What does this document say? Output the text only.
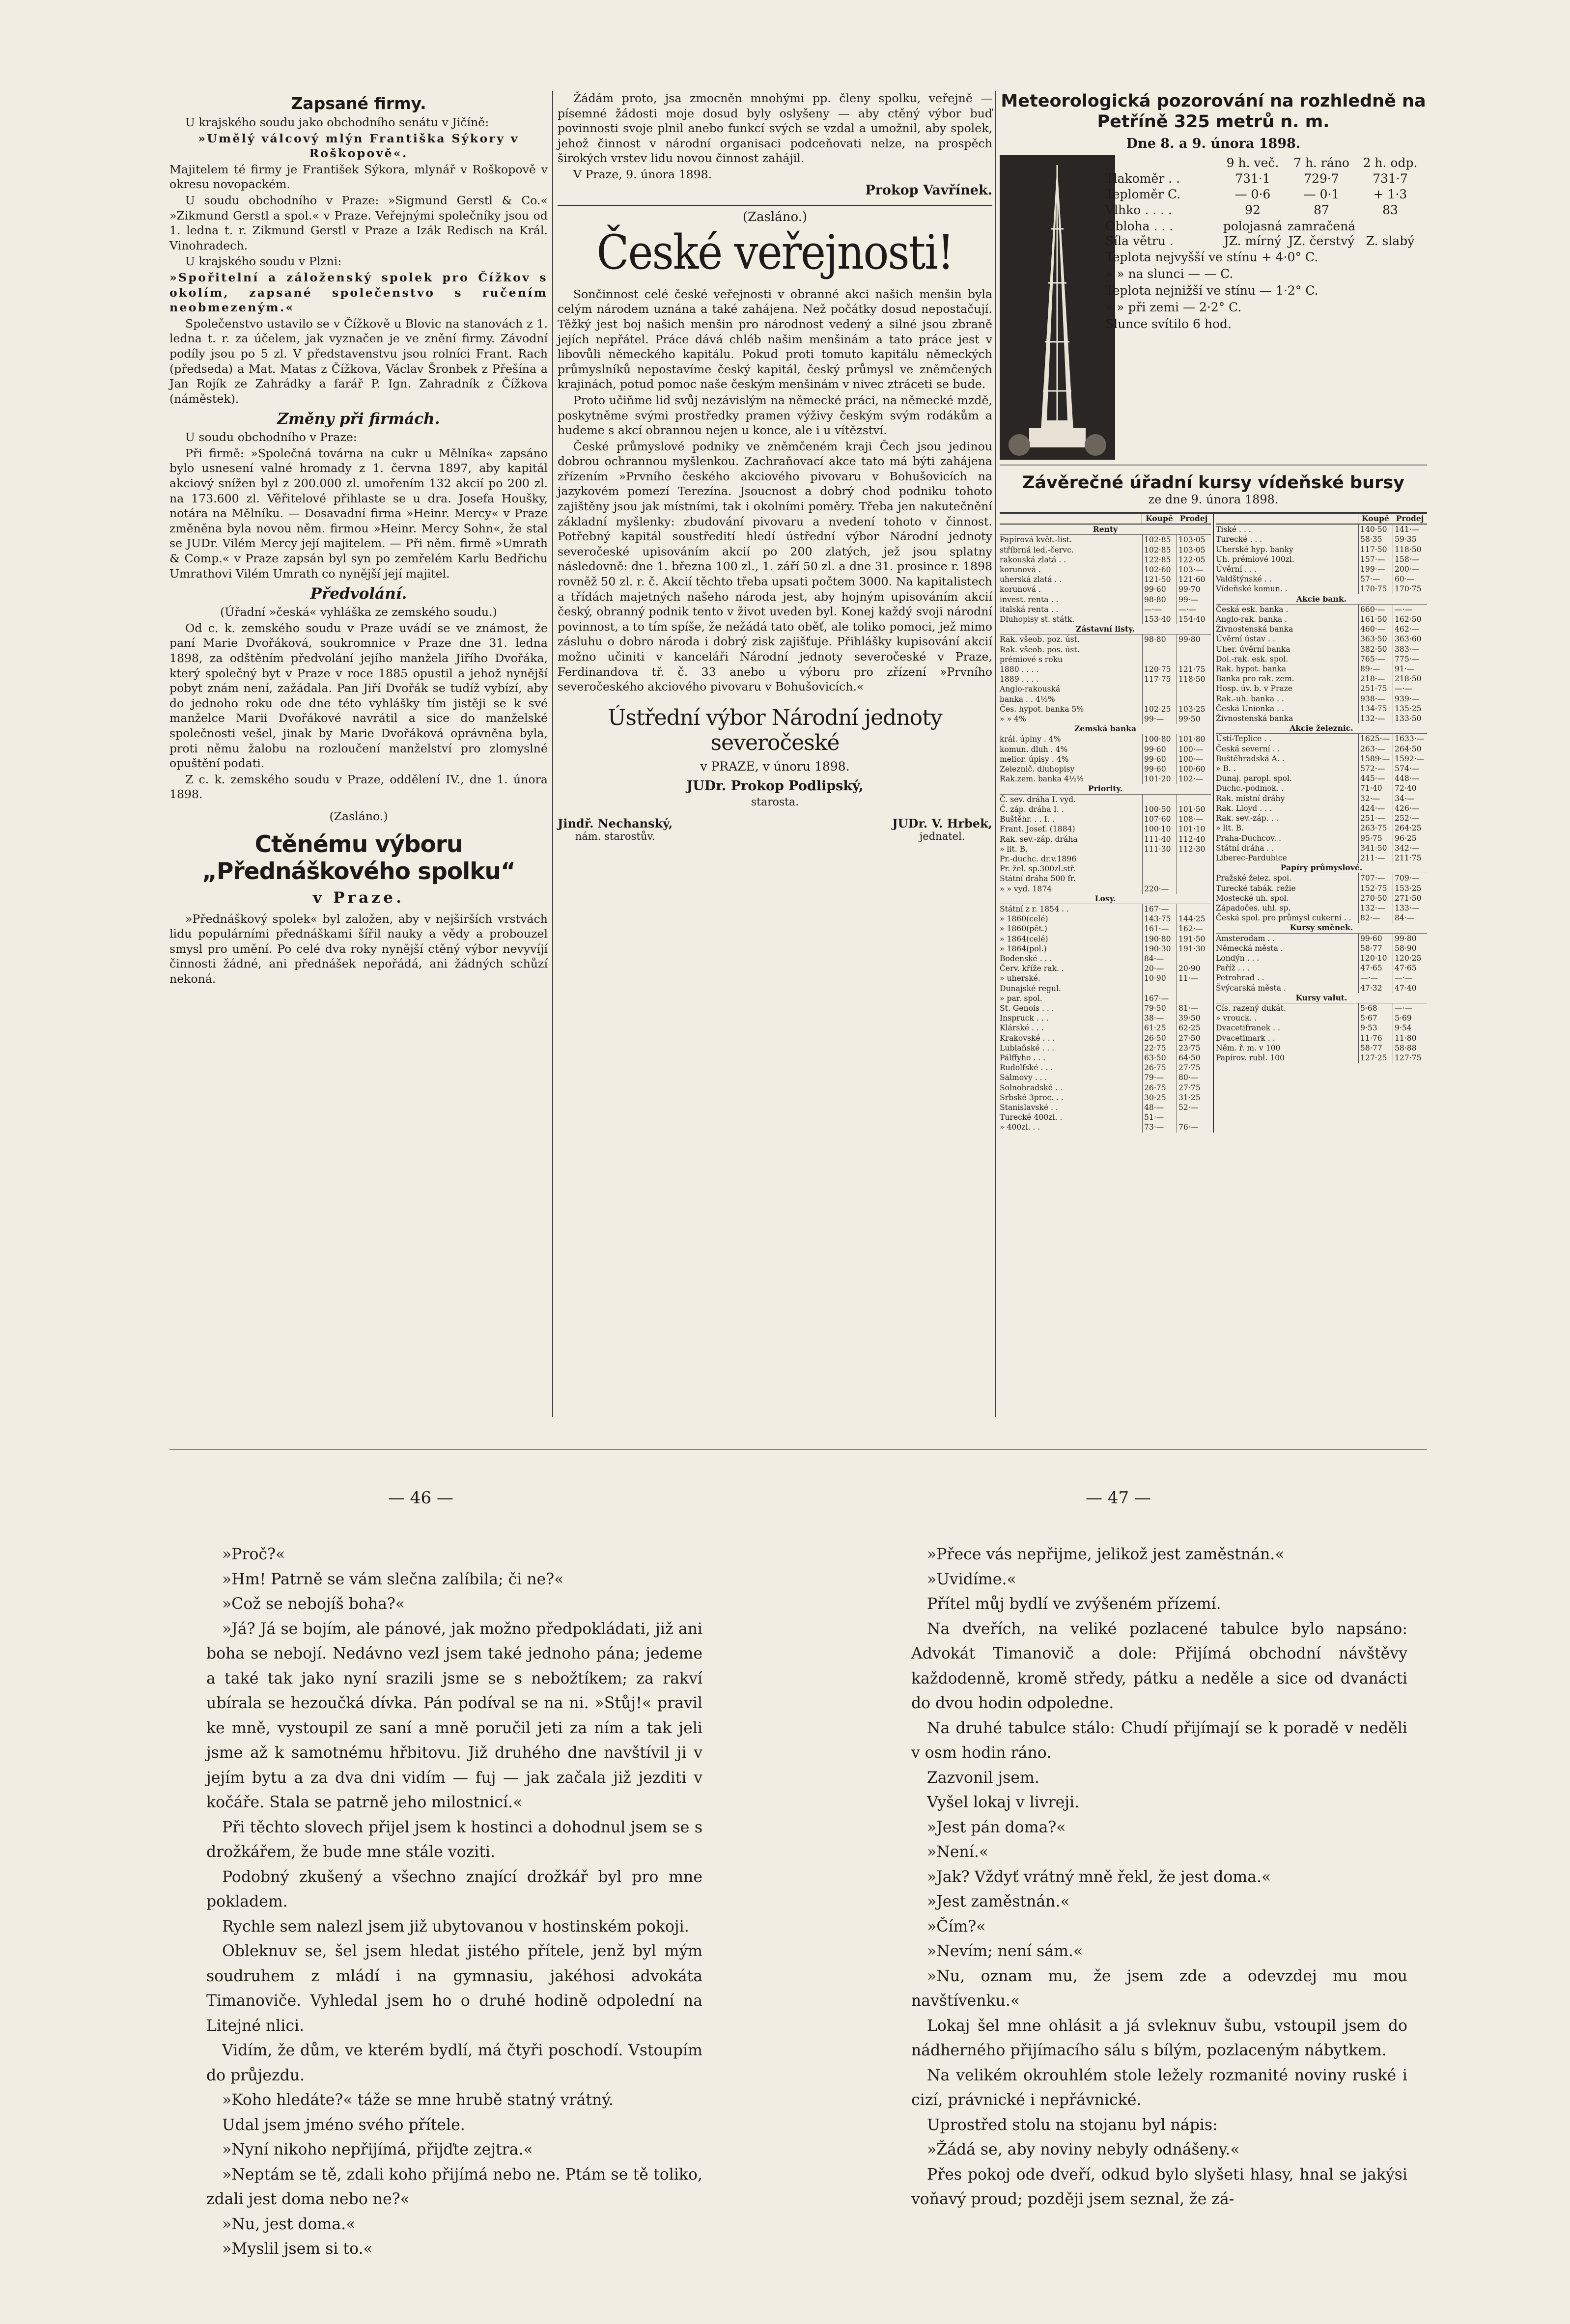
Zapsané firmy.

U krajského soudu jako obchodního senátu v Jičíně:

»Umělý válcový mlýn Františka Sýkory v Roškopově«.

Majitelem té firmy je František Sýkora, mlynář v Roškopově v okresu novopackém.

U soudu obchodního v Praze: »Sigmund Gerstl & Co.« »Zikmund Gerstl a spol.« v Praze. Veřejnými společníky jsou od 1. ledna t. r. Zikmund Gerstl v Praze a Izák Redisch na Král. Vinohradech.

U krajského soudu v Plzni:

»Spořitelní a záloženský spolek pro Čížkov s okolím, zapsané společenstvo s ručením neobmezeným.«

Společenstvo ustavilo se v Čížkově u Blovic na stanovách z 1. ledna t. r. za účelem, jak vyznačen je ve znění firmy. Závodní podíly jsou po 5 zl. V představenstvu jsou rolníci Frant. Rach (předseda) a Mat. Matas z Čížkova, Václav Šronbek z Přešína a Jan Rojík ze Zahrádky a farář P. Ign. Zahradník z Čížkova (náměstek).

Změny při firmách.

U soudu obchodního v Praze:

Při firmě: »Společná továrna na cukr u Mělníka« zapsáno bylo usnesení valné hromady z 1. června 1897, aby kapitál akciový snížen byl z 200.000 zl. umořením 132 akcií po 200 zl. na 173.600 zl. Věřitelové přihlaste se u dra. Josefa Houšky, notára na Mělníku. — Dosavadní firma »Heinr. Mercy« v Praze změněna byla novou něm. firmou »Heinr. Mercy Sohn«, že stal se JUDr. Vilém Mercy její majitelem. — Při něm. firmě »Umrath & Comp.« v Praze zapsán byl syn po zemřelém Karlu Bedřichu Umrathovi Vilém Umrath co nynější její majitel.

Předvolání.

(Úřadní »česká« vyhláška ze zemského soudu.)

Od c. k. zemského soudu v Praze uvádí se ve známost, že paní Marie Dvořáková, soukromnice v Praze dne 31. ledna 1898, za odštěním předvolání jejího manžela Jiřího Dvořáka, který společný byt v Praze v roce 1885 opustil a jehož nynější pobyt znám není, zažádala. Pan Jiří Dvořák se tudíž vybízí, aby do jednoho roku ode dne této vyhlášky tím jistěji se k své manželce Marii Dvořákové navrátil a sice do manželské společnosti vešel, jinak by Marie Dvořáková oprávněna byla, proti němu žalobu na rozloučení manželství pro zlomyslné opuštění podati.

Z c. k. zemského soudu v Praze, oddělení IV., dne 1. února 1898.

(Zasláno.)

Ctěnému výboru „Přednáškového spolku“
v Praze.

»Přednáškový spolek« byl založen, aby v nejširších vrstvách lidu populárními přednáškami šířil nauky a vědy a probouzel smysl pro umění. Po celé dva roky nynější ctěný výbor nevyvíjí činnosti žádné, ani přednášek nepořádá, ani žádných schůzí nekoná.

Žádám proto, jsa zmocněn mnohými pp. členy spolku, veřejně — písemné žádosti moje dosud byly oslyšeny — aby ctěný výbor buď povinnosti svoje plnil anebo funkcí svých se vzdal a umožnil, aby spolek, jehož činnost v národní organisaci podceňovati nelze, na prospěch širokých vrstev lidu novou činnost zahájil.

V Praze, 9. února 1898.

Prokop Vavřínek.

(Zasláno.)

České veřejnosti!

Sončinnost celé české veřejnosti v obranné akci našich menšin byla celým národem uznána a také zahájena. Než počátky dosud nepostačují. Těžký jest boj našich menšin pro národnost vedený a silné jsou zbraně jejích nepřátel. Práce dává chléb našim menšinám a tato práce jest v libovůli německého kapitálu. Pokud proti tomuto kapitálu německých průmyslníků nepostavíme český kapitál, český průmysl ve zněmčených krajinách, potud pomoc naše českým menšinám v nivec ztráceti se bude.

Proto učiňme lid svůj nezávislým na německé práci, na německé mzdě, poskytněme svými prostředky pramen výživy českým svým rodákům a hudeme s akcí obrannou nejen u konce, ale i u vítězství.

České průmyslové podniky ve zněmčeném kraji Čech jsou jedinou dobrou ochrannou myšlenkou. Zachraňovací akce tato má býti zahájena zřízením »Prvního českého akciového pivovaru v Bohušovicích na jazykovém pomezí Terezína. Jsoucnost a dobrý chod podniku tohoto zajištěny jsou jak místními, tak i okolními poměry. Třeba jen nakutečnění základní myšlenky: zbudování pivovaru a nvedení tohoto v činnost. Potřebný kapitál soustředití hledí ústřední výbor Národní jednoty severočeské upisováním akcií po 200 zlatých, jež jsou splatny následovně: dne 1. března 100 zl., 1. září 50 zl. a dne 31. prosince r. 1898 rovněž 50 zl. r. č. Akcií těchto třeba upsati počtem 3000. Na kapitalistech a třídách majetných našeho národa jest, aby hojným upisováním akcií český, obranný podnik tento v život uveden byl. Konej každý svoji národní povinnost, a to tím spíše, že nežádá tato oběť, ale toliko pomoci, jež mimo zásluhu o dobro národa i dobrý zisk zajišťuje. Přihlášky kupisování akcií možno učiniti v kanceláři Národní jednoty severočeské v Praze, Ferdinandova tř. č. 33 anebo u výboru pro zřízení »Prvního severočeského akciového pivovaru v Bohušovicích.«

Ústřední výbor Národní jednoty severočeské

v PRAZE, v únoru 1898.

JUDr. Prokop Podlipský,

starosta.

Jindř. Nechanský,
nám. starostův.
JUDr. V. Hrbek,
jednatel.
Meteorologická pozorování na rozhledně na Petříně 325 metrů n. m.
Dne 8. a 9. února 1898.
9 h. več.	7 h. ráno	2 h. odp.
Tlakoměr . .	731·1	729·7	731·7
Teploměr C.	— 0·6	— 0·1	+ 1·3
Vlhko . . . .	92	87	83
Obloha . . .	polojasná zamračená
Síla větru .	JZ. mírný JZ. čerstvý Z. slabý
Teplota nejvyšší ve stínu + 4·0° C.
» » na slunci — — C.
Teplota nejnižší ve stínu — 1·2° C.
» » při zemi — 2·2° C.
Slunce svítilo 6 hod.
Závěrečné úřadní kursy vídeňské bursy
ze dne 9. února 1898.
Koupě Prodej
Renty
Papírová květ.-list.	102·85 103·05
stříbrná led.-červc.	102·85 103·05
rakouská zlatá . .	122·85 122·05
korunová .	102·60 103·—
uherská zlatá . .	121·50 121·60
korunová .	99·60	99·70
invest. renta . .	98·80	99·—
italská renta . .	—·—	—·—
Dluhopisy st. státk.	153·40 154·40
Zástavní listy.
Rak. všeob. poz. úst.	98·80	99·80
Rak. všeob. pos. úst.
prémiové s roku
1880 . . . .	120·75 121·75
1889 . . . .	117·75 118·50
Anglo-rakouská
banka . . 4½%
Čes. hypot. banka 5%	102·25 103·25
» » 4%	99·—	99·50
Zemská banka
král. úplny . 4%	100·80 101·80
komun. dluh . 4%	99·60	100·—
melior. úpisy . 4%	99·60	100·—
Zeleznič. dluhopisy	99·60	100·60
Rak.zem. banka 4½%	101·20 102·—
Priority.
Č. sev. dráha I. vyd.
Č. záp. dráha I. .	100·50 101·50
Buštěhr. . . I. .	107·60 108·—
Frant. Josef. (1884)	100·10 101·10
Rak. sev.-záp. dráha	111·40 112·40
» lit. B.	111·30 112·30
Pr.-duchc. dr.v.1896
Pr. žel. sp.300zl.stř.
Státní dráha 500 fr.
» » vyd. 1874	220·—
Losy.
Státní z r. 1854 . .	167·—
» 1860(celé)	143·75 144·25
» 1860(pět.)	161·—	162·—
» 1864(celé)	190·80 191·50
» 1864(pol.)	190·30 191·30
Bodenské . . .	84·—
Červ. kříže rak. .	20·—	20·90
» uherské.	10·90	11·—
Dunajské regul.
» par. spol.	167·—
St. Genois . . .	79·50	81·—
Inspruck . . .	38·—	39·50
Klárské . . .	61·25	62·25
Krakovské . . .	26·50	27·50
Lublaňské . . .	22·75	23·75
Pálffyho . . .	63·50	64·50
Rudolfské . . .	26·75	27·75
Salmovy . . .	79·—	80·—
Solnohradské . .	26·75	27·75
Srbské 3proc. . .	30·25	31·25
Stanislavské . .	48·—	52·—
Turecké 400zl. .	51·—
» 400zl. . .	73·—	76·—
Koupě Prodej
Tiské . . .	140·50 141·—
Turecké . . .	58·35	59·35
Uherské hyp. banky	117·50 118·50
Uh. prémiové 100zl.	157·—	158·—
Úvěrní . . .	199·—	200·—
Valdštýnské . .	57·—	60·—
Vídeňské komun. .	170·75 170·75
Akcie bank.
Česká esk. banka .	660·—	—·—
Anglo-rak. banka .	161·50 162·50
Živnostenská banka	460·—	462·—
Úvěrní ústav . .	363·50 363·60
Uher. úvěrní banka	382·50 383·—
Dol.-rak. esk. spol.	765·—	775·—
Rak. hypot. banka	89·—	91·—
Banka pro rak. zem.	218·—	218·50
Hosp. úv. b. v Praze	251·75 —·—
Rak.-uh. banka . .	938·—	939·—
Česká Unionka . .	134·75 135·25
Živnostenská banka	132·—	133·50
Akcie železnic.
Ústí-Teplice . .	1625·— 1633·—
Česká severní . .	263·—	264·50
Buštěhradská A. .	1589·— 1592·—
» B. .	572·—	574·—
Dunaj. paropl. spol.	445·—	448·—
Duchc.-podmok. .	71·40	72·40
Rak. místní dráhy	32·—	34·—
Rak. Lloyd . . .	424·—	426·—
Rak. sev.-záp. . .	251·—	252·—
» lit. B.	263·75 264·25
Praha-Duchcov. .	95·75	96·25
Státní dráha . .	341·50 342·—
Liberec-Pardubice	211·—	211·75
Papíry průmyslové.
Pražské želez. spol.	707·—	709·—
Turecké tabák. režie	152·75 153·25
Mostecké uh. spol.	270·50 271·50
Západočes. uhl. sp.	132·—	133·—
Česká spol. pro průmysl cukerní . .	82·—	84·—
Kursy směnek.
Amsterodam . .	99·60	99·80
Německá města .	58·77	58·90
Londýn . . .	120·10 120·25
Paříž . . .	47·65	47·65
Petrohrad . .	—·—	—·—
Švýcarská města .	47·32	47·40
Kursy valut.
Cís. razený dukát.	5·68	—·—
» vrouck. .	5·67	5·69
Dvacetifranek . .	9·53	9·54
Dvacetimark . .	11·76	11·80
Něm. ř. m. v 100	58·77	58·88
Papírov. rubl. 100	127·25 127·75
— 46 —	— 47 —

»Proč?«

»Hm! Patrně se vám slečna zalíbila; či ne?«

»Což se nebojíš boha?«

»Já? Já se bojím, ale pánové, jak možno předpokládati, již ani boha se nebojí. Nedávno vezl jsem také jednoho pána; jedeme a také tak jako nyní srazili jsme se s nebožtíkem; za rakví ubírala se hezoučká dívka. Pán podíval se na ni. »Stůj!« pravil ke mně, vystoupil ze saní a mně poručil jeti za ním a tak jeli jsme až k samotnému hřbitovu. Již druhého dne navštívil ji v jejím bytu a za dva dni vidím — fuj — jak začala již jezditi v kočáře. Stala se patrně jeho milostnicí.«

Při těchto slovech přijel jsem k hostinci a dohodnul jsem se s drožkářem, že bude mne stále voziti.

Podobný zkušený a všechno znající drožkář byl pro mne pokladem.

Rychle sem nalezl jsem již ubytovanou v hostinském pokoji.

Obleknuv se, šel jsem hledat jistého přítele, jenž byl mým soudruhem z mládí i na gymnasiu, jakéhosi advokáta Timanoviče. Vyhledal jsem ho o druhé hodině odpolední na Litejné nlici.

Vidím, že dům, ve kterém bydlí, má čtyři poschodí. Vstoupím do průjezdu.

»Koho hledáte?« táže se mne hrubě statný vrátný.

Udal jsem jméno svého přítele.

»Nyní nikoho nepřijímá, přijďte zejtra.«

»Neptám se tě, zdali koho přijímá nebo ne. Ptám se tě toliko, zdali jest doma nebo ne?«

»Nu, jest doma.«

»Myslil jsem si to.«

»Přece vás nepřijme, jelikož jest zaměstnán.«

»Uvidíme.«

Přítel můj bydlí ve zvýšeném přízemí.

Na dveřích, na veliké pozlacené tabulce bylo napsáno: Advokát Timanovič a dole: Přijímá obchodní návštěvy každodenně, kromě středy, pátku a neděle a sice od dvanácti do dvou hodin odpoledne.

Na druhé tabulce stálo: Chudí přijímají se k poradě v neděli v osm hodin ráno.

Zazvonil jsem.

Vyšel lokaj v livreji.

»Jest pán doma?«

»Není.«

»Jak? Vždyť vrátný mně řekl, že jest doma.«

»Jest zaměstnán.«

»Čím?«

»Nevím; není sám.«

»Nu, oznam mu, že jsem zde a odevzdej mu mou navštívenku.«

Lokaj šel mne ohlásit a já svleknuv šubu, vstoupil jsem do nádherného přijímacího sálu s bílým, pozlaceným nábytkem.

Na velikém okrouhlém stole ležely rozmanité noviny ruské i cizí, právnické i nepřávnické.

Uprostřed stolu na stojanu byl nápis:

»Žádá se, aby noviny nebyly odnášeny.«

Přes pokoj ode dveří, odkud bylo slyšeti hlasy, hnal se jakýsi voňavý proud; později jsem seznal, že zá-
